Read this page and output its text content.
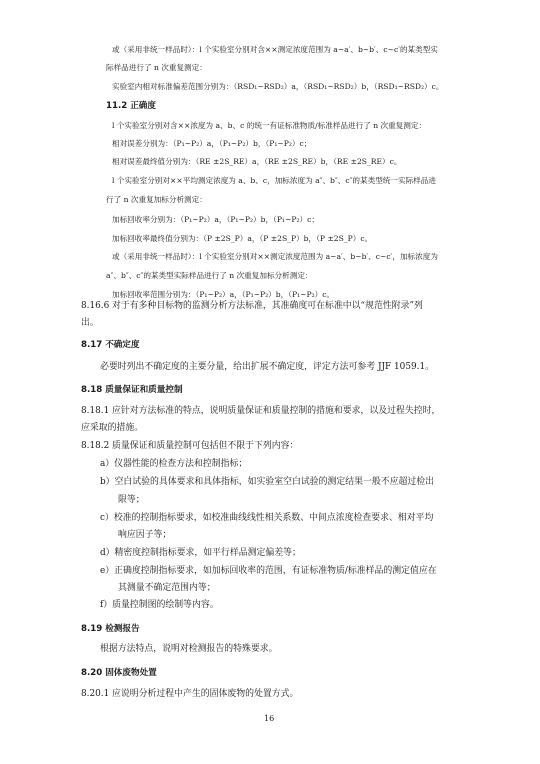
或（采用非统一样品时）：l 个实验室分别对含××测定浓度范围为 a~a′、b~b′、c~c′的某类型实
际样品进行了 n 次重复测定：
实验室内相对标准偏差范围分别为：（RSD₁~RSD₂）a，（RSD₁~RSD₂）b，（RSD₁~RSD₂）c。
11.2 正确度
l 个实验室分别对含××浓度为 a、b、c 的统一有证标准物质/标准样品进行了 n 次重复测定：
相对误差分别为：（P₁~P₂）a，（P₁~P₂）b，（P₁~P₂）c；
相对误差最终值分别为：（RE ±2S_RE）a，（RE ±2S_RE）b，（RE ±2S_RE）c。
l 个实验室分别对××平均测定浓度为 a、b、c，加标浓度为 a″、b″、c″的某类型统一实际样品进
行了 n 次重复加标分析测定：
加标回收率分别为：（P₁~P₂）a，（P₁~P₂）b，（P₁~P₂）c；
加标回收率最终值分别为：（P ±2S_P）a，（P ±2S_P）b，（P ±2S_P）c。
或（采用非统一样品时）：l 个实验室分别对××测定浓度范围为 a~a′、b~b′、c~c′，加标浓度为
a″、b″、c″的某类型实际样品进行了 n 次重复加标分析测定：
加标回收率范围分别为：（P₁~P₂）a，（P₁~P₂）b，（P₁~P₂）c。
8.16.6 对于有多种目标物的监测分析方法标准，其准确度可在标准中以“规范性附录”列
出。
8.17 不确定度
必要时列出不确定度的主要分量，给出扩展不确定度，评定方法可参考 JJF 1059.1。
8.18 质量保证和质量控制
8.18.1 应针对方法标准的特点，说明质量保证和质量控制的措施和要求，以及过程失控时，
应采取的措施。
8.18.2 质量保证和质量控制可包括但不限于下列内容：
a）仪器性能的检查方法和控制指标；
b）空白试验的具体要求和具体指标，如实验室空白试验的测定结果一般不应超过检出
限等；
c）校准的控制指标要求，如校准曲线线性相关系数、中间点浓度检查要求、相对平均
响应因子等；
d）精密度控制指标要求，如平行样品测定偏差等；
e）正确度控制指标要求，如加标回收率的范围，有证标准物质/标准样品的测定值应在
其测量不确定范围内等；
f）质量控制图的绘制等内容。
8.19 检测报告
根据方法特点，说明对检测报告的特殊要求。
8.20 固体废物处置
8.20.1 应说明分析过程中产生的固体废物的处置方式。
16
